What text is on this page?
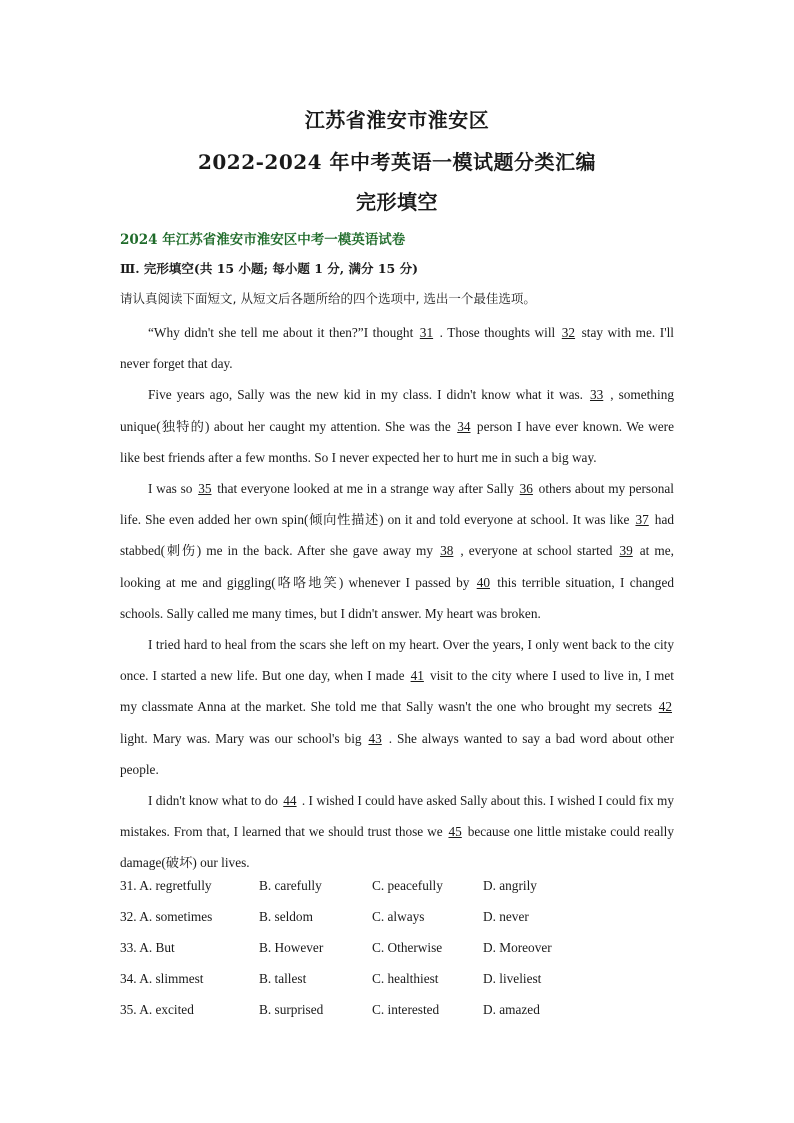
江苏省淮安市淮安区
2022-2024 年中考英语一模试题分类汇编
完形填空
2024 年江苏省淮安市淮安区中考一模英语试卷
Ⅲ. 完形填空(共 15 小题; 每小题 1 分, 满分 15 分)
请认真阅读下面短文, 从短文后各题所给的四个选项中, 选出一个最佳选项。

“Why didn't she tell me about it then?”I thought 31 . Those thoughts will 32 stay with me. I'll never forget that day.

Five years ago, Sally was the new kid in my class. I didn't know what it was. 33 , something unique(独特的) about her caught my attention. She was the 34 person I have ever known. We were like best friends after a few months. So I never expected her to hurt me in such a big way.

I was so 35 that everyone looked at me in a strange way after Sally 36 others about my personal life. She even added her own spin(倾向性描述) on it and told everyone at school. It was like 37 had stabbed(刺伤) me in the back. After she gave away my 38 , everyone at school started 39 at me, looking at me and giggling(咯咯地笑) whenever I passed by 40 this terrible situation, I changed schools. Sally called me many times, but I didn't answer. My heart was broken.

I tried hard to heal from the scars she left on my heart. Over the years, I only went back to the city once. I started a new life. But one day, when I made 41 visit to the city where I used to live in, I met my classmate Anna at the market. She told me that Sally wasn't the one who brought my secrets 42 light. Mary was. Mary was our school's big 43 . She always wanted to say a bad word about other people.

I didn't know what to do 44 . I wished I could have asked Sally about this. I wished I could fix my mistakes. From that, I learned that we should trust those we 45 because one little mistake could really damage(破坏) our lives.

31. A. regretfully	B. carefully	C. peacefully	D. angrily
32. A. sometimes	B. seldom	C. always	D. never
33. A. But	B. However	C. Otherwise	D. Moreover
34. A. slimmest	B. tallest	C. healthiest	D. liveliest
35. A. excited	B. surprised	C. interested	D. amazed
